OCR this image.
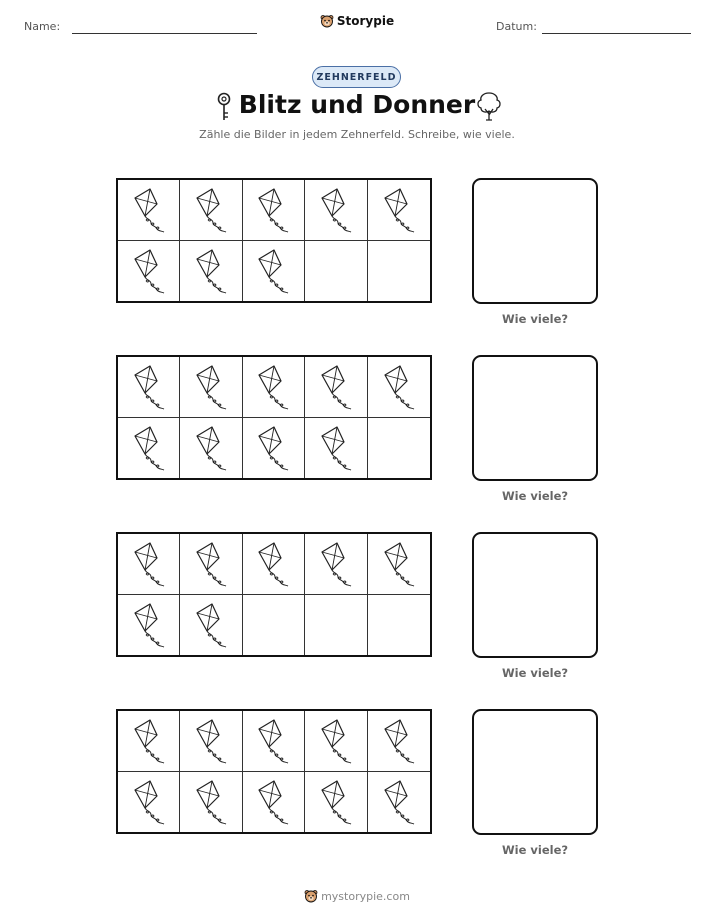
Name:	Storypie	Datum:
ZEHNERFELD
Blitz und Donner
Zähle die Bilder in jedem Zehnerfeld. Schreibe, wie viele.
Wie viele?
Wie viele?
Wie viele?
Wie viele?
mystorypie.com
